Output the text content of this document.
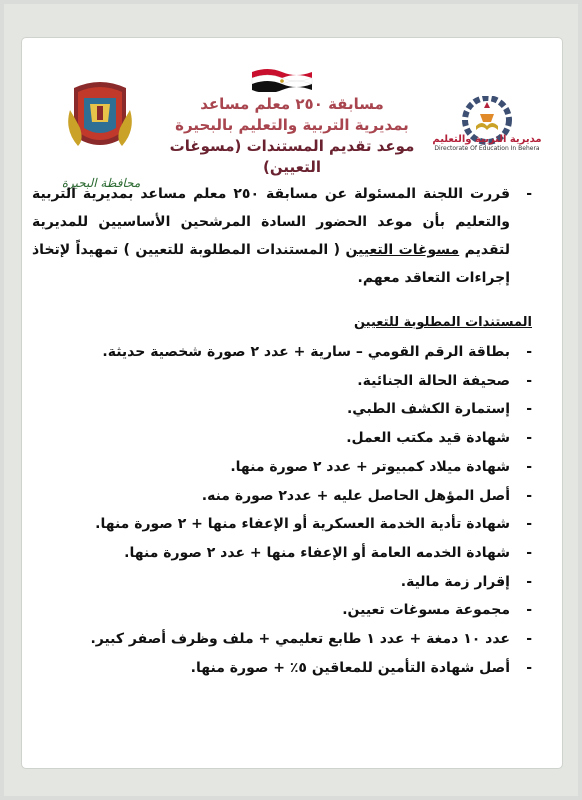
مسابقة ٢٥٠ معلم مساعد
بمديرية التربية والتعليم بالبحيرة
موعد تقديم المستندات (مسوغات التعيين)
محافظة البحيرة
مديرية التربية والتعليم
Directorate Of Education In Behera

-
قررت اللجنة المسئولة عن مسابقة ٢٥٠ معلم مساعد بمديرية التربية والتعليم بأن موعد الحضور السادة المرشحين الأساسيين للمديرية لتقديم مسوغات التعيين ( المستندات المطلوبة للتعيين ) تمهيداً لإتخاذ إجراءات التعاقد معهم.

المستندات المطلوبة للتعيين
-
بطاقة الرقم القومي – سارية + عدد ٢ صورة شخصية حديثة.
-
صحيفة الحالة الجنائية.
-
إستمارة الكشف الطبي.
-
شهادة قيد مكتب العمل.
-
شهادة ميلاد كمبيوتر + عدد ٢ صورة منها.
-
أصل المؤهل الحاصل عليه + عدد٢ صورة منه.
-
شهادة تأدية الخدمة العسكرية أو الإعفاء منها + ٢ صورة منها.
-
شهادة الخدمه العامة أو الإعفاء منها + عدد ٢ صورة منها.
-
إقرار زمة مالية.
-
مجموعة مسوغات تعيين.
-
عدد ١٠ دمغة + عدد ١ طابع تعليمي + ملف وظرف أصفر كبير.
-
أصل شهادة التأمين للمعاقين ٥٪ + صورة منها.
